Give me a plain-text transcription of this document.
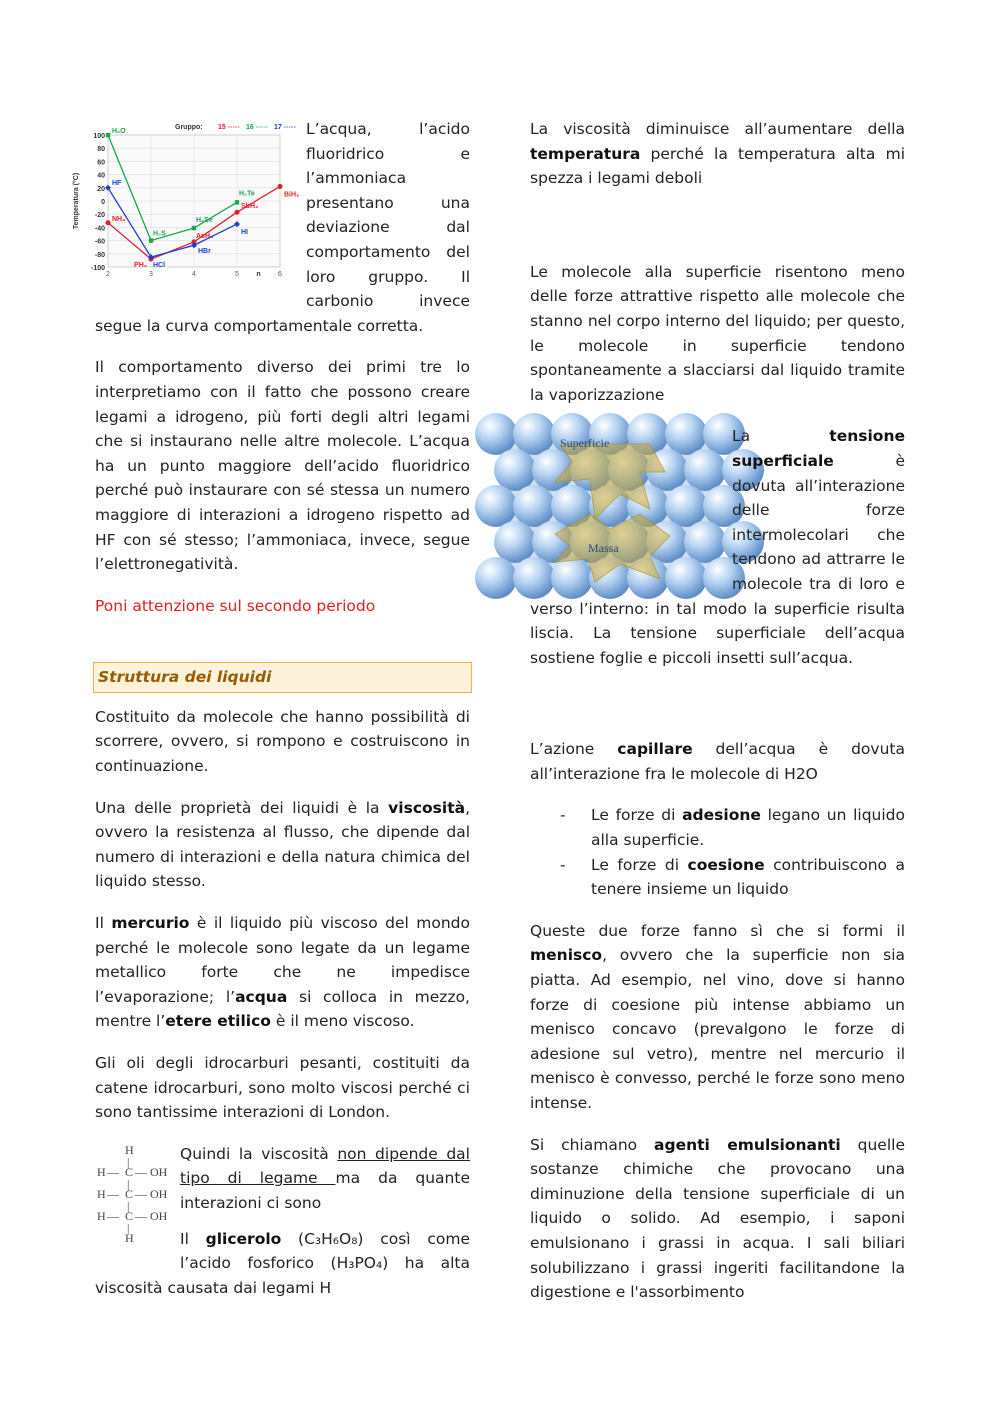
100
80
60
40
20
0
-20
-40
-60
-80
-100
2	3	4	5	6
n
Temperatura (°C)
Gruppo: 15	16	17
NH₃
PH₃
AsH₃
SbH₃
BiH₃
H₂O
H₂S
H₂Se
H₂Te
HF
HCl
HBr
HI

L’acqua, l’acido fluoridrico e l’ammoniaca presentano una deviazione dal comportamento del loro gruppo. Il carbonio invece segue la curva comportamentale corretta.

Il comportamento diverso dei primi tre lo interpretiamo con il fatto che possono creare legami a idrogeno, più forti degli altri legami che si instaurano nelle altre molecole. L’acqua ha un punto maggiore dell’acido fluoridrico perché può instaurare con sé stessa un numero maggiore di interazioni a idrogeno rispetto ad HF con sé stesso; l’ammoniaca, invece, segue l’elettronegatività.

Poni attenzione sul secondo periodo

Struttura dei liquidi

Costituito da molecole che hanno possibilità di scorrere, ovvero, si rompono e costruiscono in continuazione.

Una delle proprietà dei liquidi è la viscosità, ovvero la resistenza al flusso, che dipende dal numero di interazioni e della natura chimica del liquido stesso.

Il mercurio è il liquido più viscoso del mondo perché le molecole sono legate da un legame metallico forte che ne impedisce l’evaporazione; l’acqua si colloca in mezzo, mentre l’etere etilico è il meno viscoso.

Gli oli degli idrocarburi pesanti, costituiti da catene idrocarburi, sono molto viscosi perché ci sono tantissime interazioni di London.

H
|
H — C — OH
|
H — C — OH
|
H — C — OH
|
H

Quindi la viscosità non dipende dal tipo di legame ma da quante interazioni ci sono

Il glicerolo (C₃H₆O₈) così come l’acido fosforico (H₃PO₄) ha alta viscosità causata dai legami H

La viscosità diminuisce all’aumentare della temperatura perché la temperatura alta mi spezza i legami deboli

Le molecole alla superficie risentono meno delle forze attrattive rispetto alle molecole che stanno nel corpo interno del liquido; per questo, le molecole in superficie tendono spontaneamente a slacciarsi dal liquido tramite la vaporizzazione

Superficie
Massa

La tensione superficiale è dovuta all’interazione delle forze intermolecolari che tendono ad attrarre le molecole tra di loro e verso l’interno: in tal modo la superficie risulta liscia. La tensione superficiale dell’acqua sostiene foglie e piccoli insetti sull’acqua.

L’azione capillare dell’acqua è dovuta all’interazione fra le molecole di H2O

- Le forze di adesione legano un liquido alla superficie.
- Le forze di coesione contribuiscono a tenere insieme un liquido

Queste due forze fanno sì che si formi il menisco, ovvero che la superficie non sia piatta. Ad esempio, nel vino, dove si hanno forze di coesione più intense abbiamo un menisco concavo (prevalgono le forze di adesione sul vetro), mentre nel mercurio il menisco è convesso, perché le forze sono meno intense.

Si chiamano agenti emulsionanti quelle sostanze chimiche che provocano una diminuzione della tensione superficiale di un liquido o solido. Ad esempio, i saponi emulsionano i grassi in acqua. I sali biliari solubilizzano i grassi ingeriti facilitandone la digestione e l'assorbimento
